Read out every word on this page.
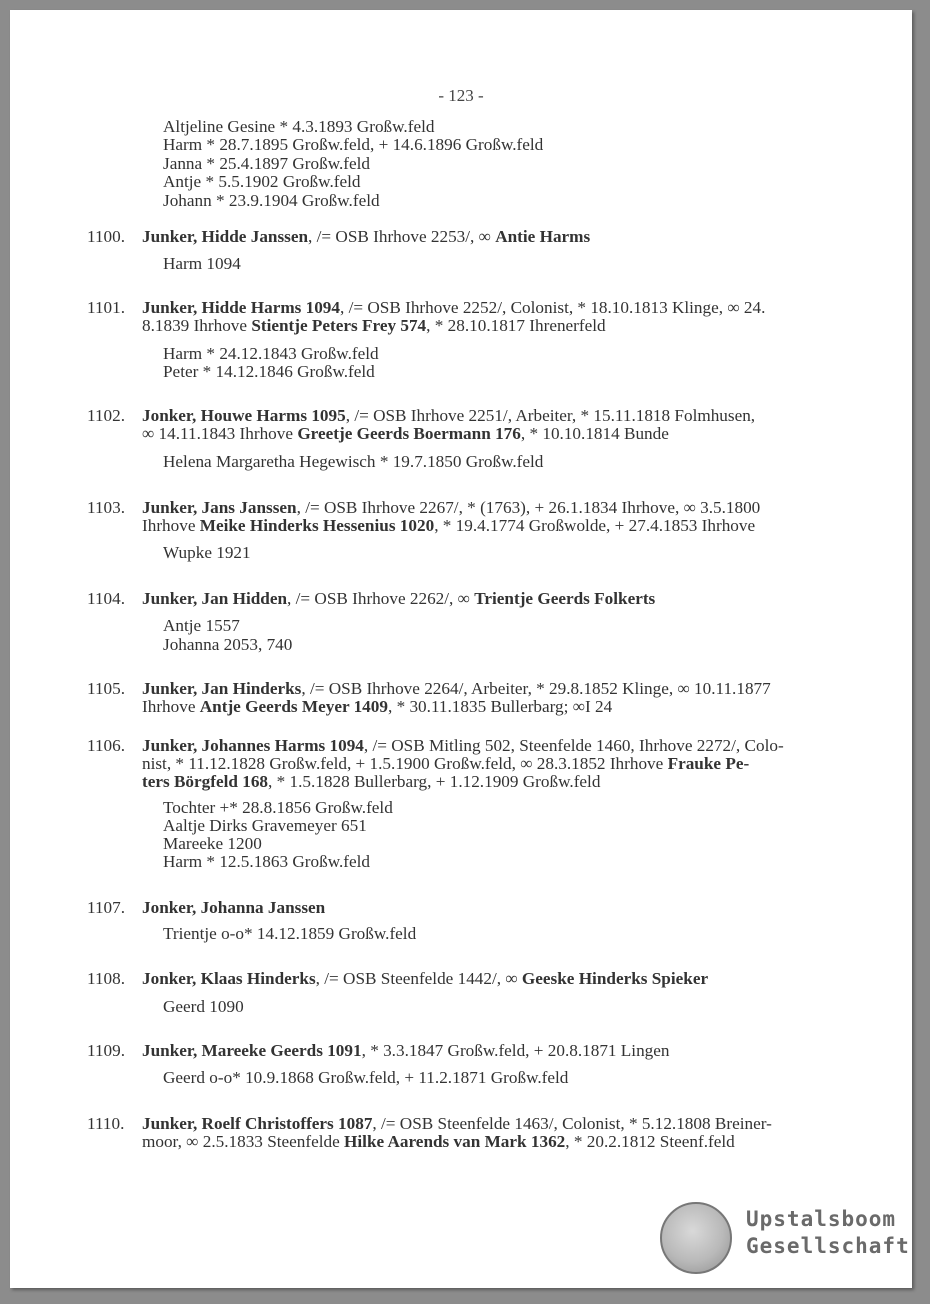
- 123 -
Altjeline Gesine * 4.3.1893 Großw.feld
Harm * 28.7.1895 Großw.feld, + 14.6.1896 Großw.feld
Janna * 25.4.1897 Großw.feld
Antje * 5.5.1902 Großw.feld
Johann * 23.9.1904 Großw.feld
1100. Junker, Hidde Janssen, /= OSB Ihrhove 2253/, ∞ Antie Harms
Harm 1094
1101. Junker, Hidde Harms 1094, /= OSB Ihrhove 2252/, Colonist, * 18.10.1813 Klinge, ∞ 24.
8.1839 Ihrhove Stientje Peters Frey 574, * 28.10.1817 Ihrenerfeld
Harm * 24.12.1843 Großw.feld
Peter * 14.12.1846 Großw.feld
1102. Jonker, Houwe Harms 1095, /= OSB Ihrhove 2251/, Arbeiter, * 15.11.1818 Folmhusen,
∞ 14.11.1843 Ihrhove Greetje Geerds Boermann 176, * 10.10.1814 Bunde
Helena Margaretha Hegewisch * 19.7.1850 Großw.feld
1103. Junker, Jans Janssen, /= OSB Ihrhove 2267/, * (1763), + 26.1.1834 Ihrhove, ∞ 3.5.1800
Ihrhove Meike Hinderks Hessenius 1020, * 19.4.1774 Großwolde, + 27.4.1853 Ihrhove
Wupke 1921
1104. Junker, Jan Hidden, /= OSB Ihrhove 2262/, ∞ Trientje Geerds Folkerts
Antje 1557
Johanna 2053, 740
1105. Junker, Jan Hinderks, /= OSB Ihrhove 2264/, Arbeiter, * 29.8.1852 Klinge, ∞ 10.11.1877
Ihrhove Antje Geerds Meyer 1409, * 30.11.1835 Bullerbarg; ∞I 24
1106. Junker, Johannes Harms 1094, /= OSB Mitling 502, Steenfelde 1460, Ihrhove 2272/, Colo-
nist, * 11.12.1828 Großw.feld, + 1.5.1900 Großw.feld, ∞ 28.3.1852 Ihrhove Frauke Pe-
ters Börgfeld 168, * 1.5.1828 Bullerbarg, + 1.12.1909 Großw.feld
Tochter +* 28.8.1856 Großw.feld
Aaltje Dirks Gravemeyer 651
Mareeke 1200
Harm * 12.5.1863 Großw.feld
1107. Jonker, Johanna Janssen
Trientje o-o* 14.12.1859 Großw.feld
1108. Jonker, Klaas Hinderks, /= OSB Steenfelde 1442/, ∞ Geeske Hinderks Spieker
Geerd 1090
1109. Junker, Mareeke Geerds 1091, * 3.3.1847 Großw.feld, + 20.8.1871 Lingen
Geerd o-o* 10.9.1868 Großw.feld, + 11.2.1871 Großw.feld
1110. Junker, Roelf Christoffers 1087, /= OSB Steenfelde 1463/, Colonist, * 5.12.1808 Breiner-
moor, ∞ 2.5.1833 Steenfelde Hilke Aarends van Mark 1362, * 20.2.1812 Steenf.feld
Upstalsboom
Gesellschaft
